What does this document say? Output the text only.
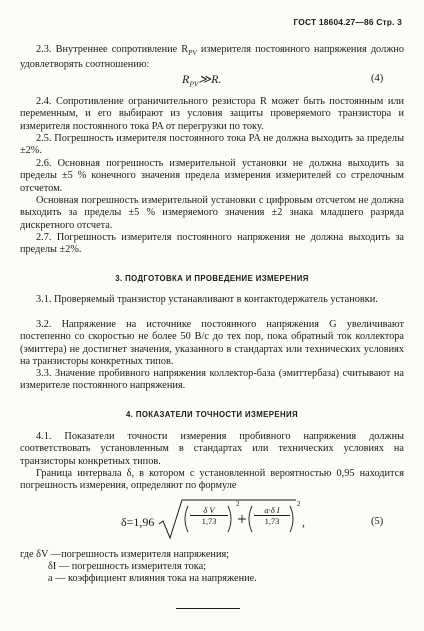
ГОСТ 18604.27—86 Стр. 3

2.3. Внутреннее сопротивление $R_{PV}$ измерителя постоянного напряжения должно удовлетворять соотношению:

$R_{PV}≫R$.	(4)

2.4. Сопротивление ограничительного резистора R может быть постоянным или переменным, и его выбирают из условия защиты проверяемого транзистора и измерителя постоянного тока PA от перегрузки по току.

2.5. Погрешность измерителя постоянного тока PA не должна выходить за пределы ±2%.

2.6. Основная погрешность измерительной установки не должна выходить за пределы ±5 % конечного значения предела измерения измерителей со стрелочным отсчетом.

Основная погрешность измерительной установки с цифровым отсчетом не должна выходить за пределы ±5 % измеряемого значения ±2 знака младшего разряда дискретного отсчета.

2.7. Погрешность измерителя постоянного напряжения не должна выходить за пределы ±2%.

3. ПОДГОТОВКА И ПРОВЕДЕНИЕ ИЗМЕРЕНИЯ

3.1. Проверяемый транзистор устанавливают в контактодержатель установки.

3.2. Напряжение на источнике постоянного напряжения G увеличивают постепенно со скоростью не более 50 В/с до тех пор, пока обратный ток коллектора (эмиттера) не достигнет значения, указанного в стандартах или технических условиях на транзисторы конкретных типов.

3.3. Значение пробивного напряжения коллектор-база (эмиттербаза) считывают на измерителе постоянного напряжения.

4. ПОКАЗАТЕЛИ ТОЧНОСТИ ИЗМЕРЕНИЯ

4.1. Показатели точности измерения пробивного напряжения должны соответствовать установленным в стандартах или технических условиях на транзисторы конкретных типов.

Граница интервала δ, в котором с установленной вероятностью 0,95 находится погрешность измерения, определяют по формуле

δ=1,96	$\frac{\text{δ V}}{1,73}$
2
$\frac{\text{a·δ I}}{1,73}$
2
,	(5)
где δV —погрешность измерителя напряжения;
δI — погрешность измерителя тока;
a — коэффициент влияния тока на напряжение.
